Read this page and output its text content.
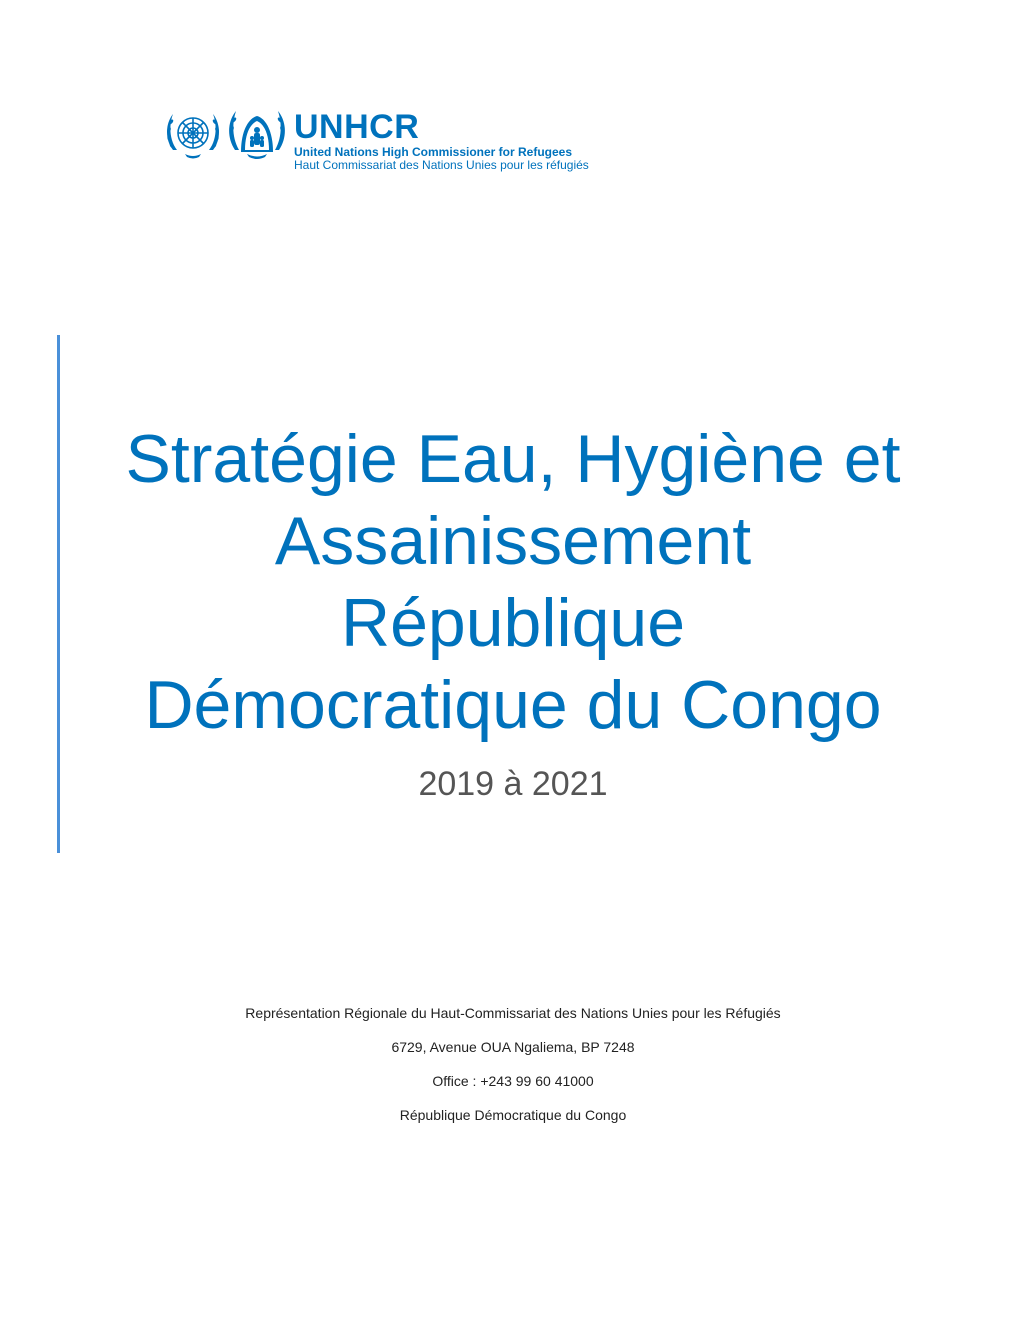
UNHCR
United Nations High Commissioner for Refugees
Haut Commissariat des Nations Unies pour les réfugiés
Stratégie Eau, Hygiène et
Assainissement
République
Démocratique du Congo
2019 à 2021
Représentation Régionale du Haut-Commissariat des Nations Unies pour les Réfugiés
6729, Avenue OUA Ngaliema, BP 7248
Office : +243 99 60 41000
République Démocratique du Congo
